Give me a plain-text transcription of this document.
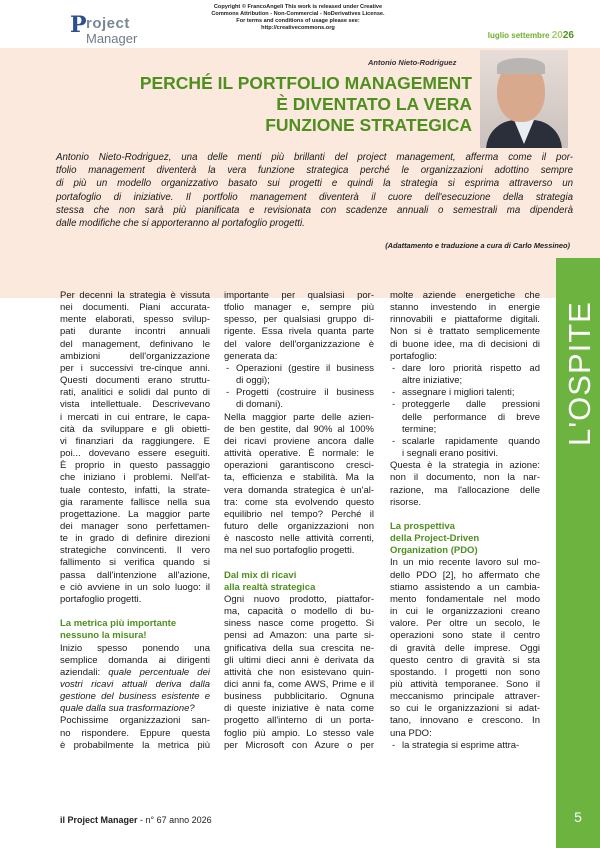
P roject
Manager
Copyright © FrancoAngeli This work is released under Creative
Commons Attribution - Non-Commercial - NoDerivatives License.
For terms and conditions of usage please see:
http://creativecommons.org
luglio settembre 2026
Antonio Nieto-Rodriguez
PERCHÉ IL PORTFOLIO MANAGEMENT
È DIVENTATO LA VERA
FUNZIONE STRATEGICA
Antonio Nieto-Rodriguez, una delle menti più brillanti del project management, afferma come il por-
tfolio management diventerà la vera funzione strategica perché le organizzazioni adottino sempre
di più un modello organizzativo basato sui progetti e quindi la strategia si esprima attraverso un
portafoglio di iniziative. Il portfolio management diventerà il cuore dell'esecuzione della strategia
stessa che non sarà più pianificata e revisionata con scadenze annuali o semestrali ma dipenderà
dalle modifiche che si apporteranno al portafoglio progetti.
(Adattamento e traduzione a cura di Carlo Messineo)
Per decenni la strategia è vissuta
nei documenti. Piani accurata-
mente elaborati, spesso svilup-
pati durante incontri annuali
del management, definivano le
ambizioni dell'organizzazione
per i successivi tre-cinque anni.
Questi documenti erano struttu-
rati, analitici e solidi dal punto di
vista intellettuale. Descrivevano
i mercati in cui entrare, le capa-
cità da sviluppare e gli obietti-
vi finanziari da raggiungere. E
poi... dovevano essere eseguiti.
È proprio in questo passaggio
che iniziano i problemi. Nell'at-
tuale contesto, infatti, la strate-
gia raramente fallisce nella sua
progettazione. La maggior parte
dei manager sono perfettamen-
te in grado di definire direzioni
strategiche convincenti. Il vero
fallimento si verifica quando si
passa dall'intenzione all'azione,
e ciò avviene in un solo luogo: il
portafoglio progetti.

La metrica più importante
nessuno la misura!
Inizio spesso ponendo una
semplice domanda ai dirigenti
aziendali: quale percentuale dei
vostri ricavi attuali deriva dalla
gestione del business esistente e
quale dalla sua trasformazione?
Pochissime organizzazioni san-
no rispondere. Eppure questa
è probabilmente la metrica più
importante per qualsiasi por-
tfolio manager e, sempre più
spesso, per qualsiasi gruppo di-
rigente. Essa rivela quanta parte
del valore dell'organizzazione è
generata da:
- Operazioni (gestire il business
di oggi);
- Progetti (costruire il business
di domani).
Nella maggior parte delle azien-
de ben gestite, dal 90% al 100%
dei ricavi proviene ancora dalle
attività operative. È normale: le
operazioni garantiscono cresci-
ta, efficienza e stabilità. Ma la
vera domanda strategica è un'al-
tra: come sta evolvendo questo
equilibrio nel tempo? Perché il
futuro delle organizzazioni non
è nascosto nelle attività correnti,
ma nel suo portafoglio progetti.

Dal mix di ricavi
alla realtà strategica
Ogni nuovo prodotto, piattafor-
ma, capacità o modello di bu-
siness nasce come progetto. Si
pensi ad Amazon: una parte si-
gnificativa della sua crescita ne-
gli ultimi dieci anni è derivata da
attività che non esistevano quin-
dici anni fa, come AWS, Prime e il
business pubblicitario. Ognuna
di queste iniziative è nata come
progetto all'interno di un porta-
foglio più ampio. Lo stesso vale
per Microsoft con Azure o per
molte aziende energetiche che
stanno investendo in energie
rinnovabili e piattaforme digitali.
Non si è trattato semplicemente
di buone idee, ma di decisioni di
portafoglio:
- dare loro priorità rispetto ad
altre iniziative;
- assegnare i migliori talenti;
- proteggerle dalle pressioni
delle performance di breve
termine;
- scalarle rapidamente quando
i segnali erano positivi.
Questa è la strategia in azione:
non il documento, non la nar-
razione, ma l'allocazione delle
risorse.

La prospettiva
della Project-Driven
Organization (PDO)
In un mio recente lavoro sul mo-
dello PDO [2], ho affermato che
stiamo assistendo a un cambia-
mento fondamentale nel modo
in cui le organizzazioni creano
valore. Per oltre un secolo, le
operazioni sono state il centro
di gravità delle imprese. Oggi
questo centro di gravità si sta
spostando. I progetti non sono
più attività temporanee. Sono il
meccanismo principale attraver-
so cui le organizzazioni si adat-
tano, innovano e crescono. In
una PDO:
- la strategia si esprime attra-
L'OSPITE
il Project Manager - n° 67 anno 2026	5
